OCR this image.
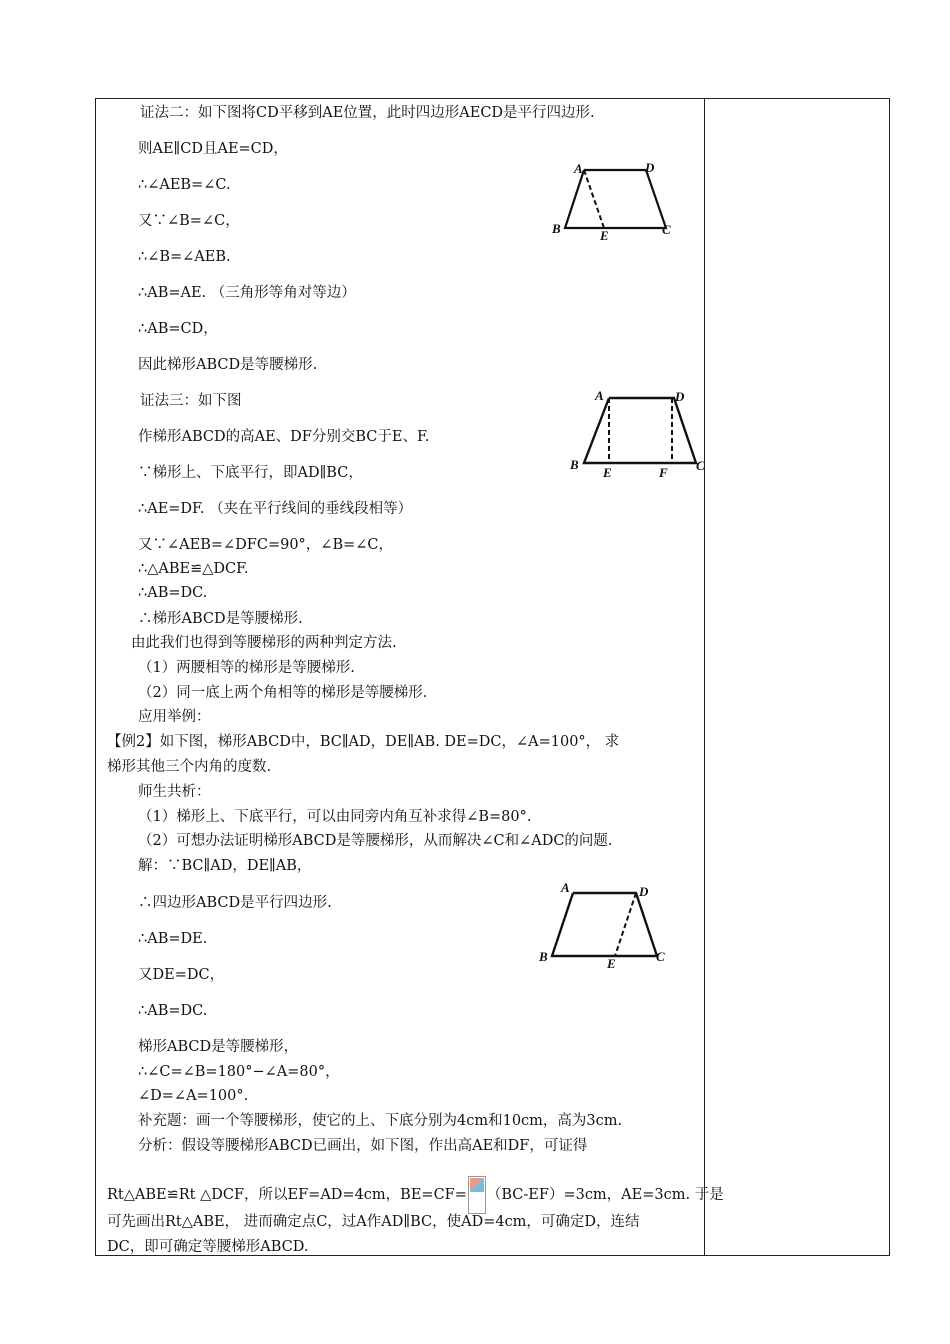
证法二：如下图将CD平移到AE位置，此时四边形AECD是平行四边形.
则AE∥CD且AE=CD，
∴∠AEB=∠C.
又∵∠B=∠C，
∴∠B=∠AEB.
∴AB=AE. （三角形等角对等边）
∴AB=CD，
因此梯形ABCD是等腰梯形.
证法三：如下图
作梯形ABCD的高AE、DF分别交BC于E、F.
∵梯形上、下底平行，即AD∥BC，
∴AE=DF. （夹在平行线间的垂线段相等）
又∵∠AEB=∠DFC=90°，∠B=∠C，
∴△ABE≌△DCF.
∴AB=DC.
∴梯形ABCD是等腰梯形.
由此我们也得到等腰梯形的两种判定方法.
（1）两腰相等的梯形是等腰梯形.
（2）同一底上两个角相等的梯形是等腰梯形.
应用举例：
【例2】如下图，梯形ABCD中，BC∥AD，DE∥AB. DE=DC，∠A=100°， 求
梯形其他三个内角的度数.
师生共析：
（1）梯形上、下底平行，可以由同旁内角互补求得∠B=80°.
（2）可想办法证明梯形ABCD是等腰梯形，从而解决∠C和∠ADC的问题.
解：∵BC∥AD，DE∥AB，
∴四边形ABCD是平行四边形.
∴AB=DE.
又DE=DC，
∴AB=DC.
梯形ABCD是等腰梯形，
∴∠C=∠B=180°−∠A=80°，
∠D=∠A=100°.
补充题：画一个等腰梯形，使它的上、下底分别为4cm和10cm，高为3cm.
分析：假设等腰梯形ABCD已画出，如下图，作出高AE和DF，可证得
Rt△ABE≌Rt △DCF，所以EF=AD=4cm，BE=CF= （BC-EF）=3cm，AE=3cm. 于是
可先画出Rt△ABE， 进而确定点C，过A作AD∥BC，使AD=4cm，可确定D，连结
DC，即可确定等腰梯形ABCD.
A	D
B	E	C
A	D
B
E	F C
A	D
B	E	C
